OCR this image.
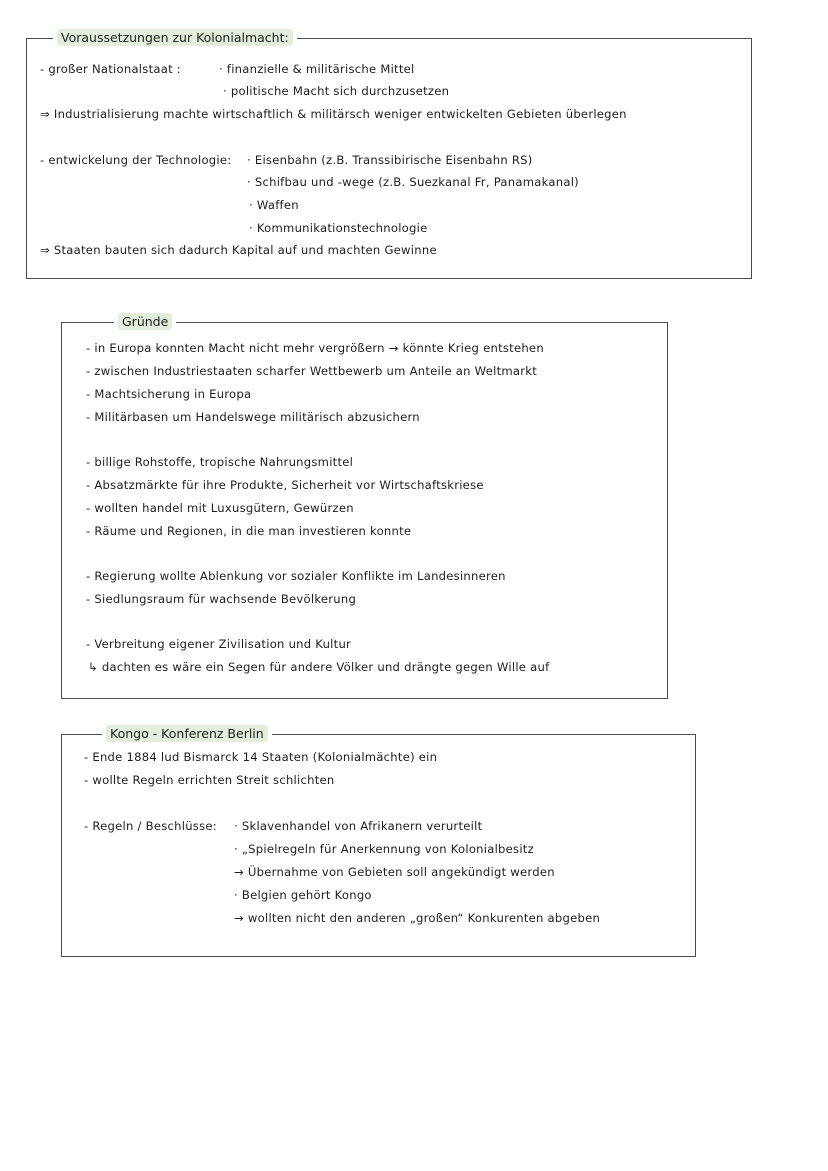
Voraussetzungen zur Kolonialmacht:
- großer Nationalstaat :	· finanzielle & militärische Mittel
· politische Macht sich durchzusetzen
⇒ Industrialisierung machte wirtschaftlich & militärsch weniger entwickelten Gebieten überlegen
- entwickelung der Technologie: · Eisenbahn (z.B. Transsibirische Eisenbahn RS)
· Schifbau und -wege (z.B. Suezkanal Fr, Panamakanal)
· Waffen
· Kommunikationstechnologie
⇒ Staaten bauten sich dadurch Kapital auf und machten Gewinne
Gründe
- in Europa konnten Macht nicht mehr vergrößern → könnte Krieg entstehen
- zwischen Industriestaaten scharfer Wettbewerb um Anteile an Weltmarkt
- Machtsicherung in Europa
- Militärbasen um Handelswege militärisch abzusichern
- billige Rohstoffe, tropische Nahrungsmittel
- Absatzmärkte für ihre Produkte, Sicherheit vor Wirtschaftskriese
- wollten handel mit Luxusgütern, Gewürzen
- Räume und Regionen, in die man investieren konnte
- Regierung wollte Ablenkung vor sozialer Konflikte im Landesinneren
- Siedlungsraum für wachsende Bevölkerung
- Verbreitung eigener Zivilisation und Kultur
↳ dachten es wäre ein Segen für andere Völker und drängte gegen Wille auf
Kongo - Konferenz Berlin
- Ende 1884 lud Bismarck 14 Staaten (Kolonialmächte) ein
- wollte Regeln errichten Streit schlichten
- Regeln / Beschlüsse: · Sklavenhandel von Afrikanern verurteilt
· „Spielregeln für Anerkennung von Kolonialbesitz
→ Übernahme von Gebieten soll angekündigt werden
· Belgien gehört Kongo
→ wollten nicht den anderen „großen“ Konkurenten abgeben
